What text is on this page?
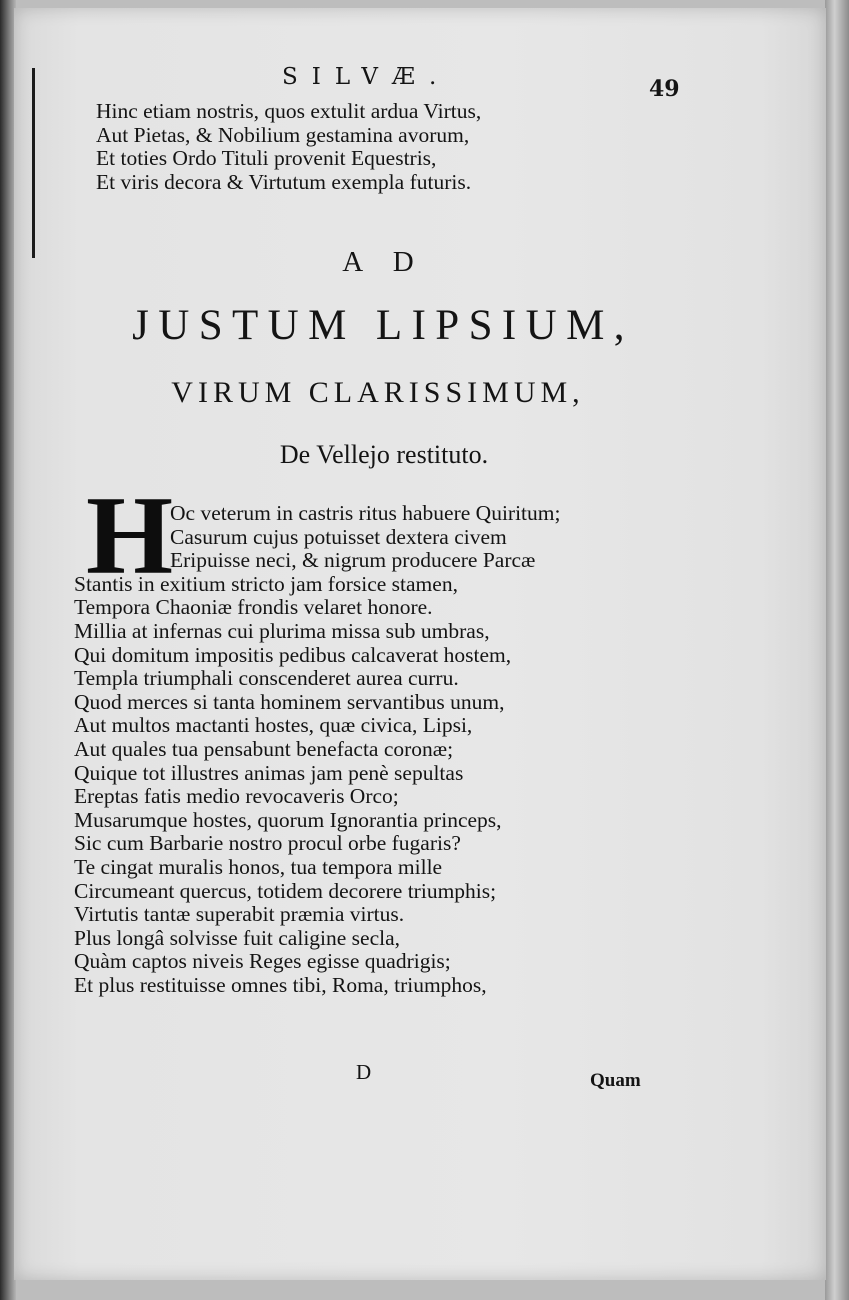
SILVÆ.	49
Hinc etiam nostris, quos extulit ardua Virtus,
Aut Pietas, & Nobilium gestamina avorum,
Et toties Ordo Tituli provenit Equestris,
Et viris decora & Virtutum exempla futuris.
A D
JUSTUM LIPSIUM,
VIRUM CLARISSIMUM,
De Vellejo restituto.
H
Oc veterum in castris ritus habuere Quiritum;
Casurum cujus potuisset dextera civem
Eripuisse neci, & nigrum producere Parcæ
Stantis in exitium stricto jam forsice stamen,
Tempora Chaoniæ frondis velaret honore.
Millia at infernas cui plurima missa sub umbras,
Qui domitum impositis pedibus calcaverat hostem,
Templa triumphali conscenderet aurea curru.
Quod merces si tanta hominem servantibus unum,
Aut multos mactanti hostes, quæ civica, Lipsi,
Aut quales tua pensabunt benefacta coronæ;
Quique tot illustres animas jam penè sepultas
Ereptas fatis medio revocaveris Orco;
Musarumque hostes, quorum Ignorantia princeps,
Sic cum Barbarie nostro procul orbe fugaris?
Te cingat muralis honos, tua tempora mille
Circumeant quercus, totidem decorere triumphis;
Virtutis tantæ superabit præmia virtus.
Plus longâ solvisse fuit caligine secla,
Quàm captos niveis Reges egisse quadrigis;
Et plus restituisse omnes tibi, Roma, triumphos,
D	Quam
